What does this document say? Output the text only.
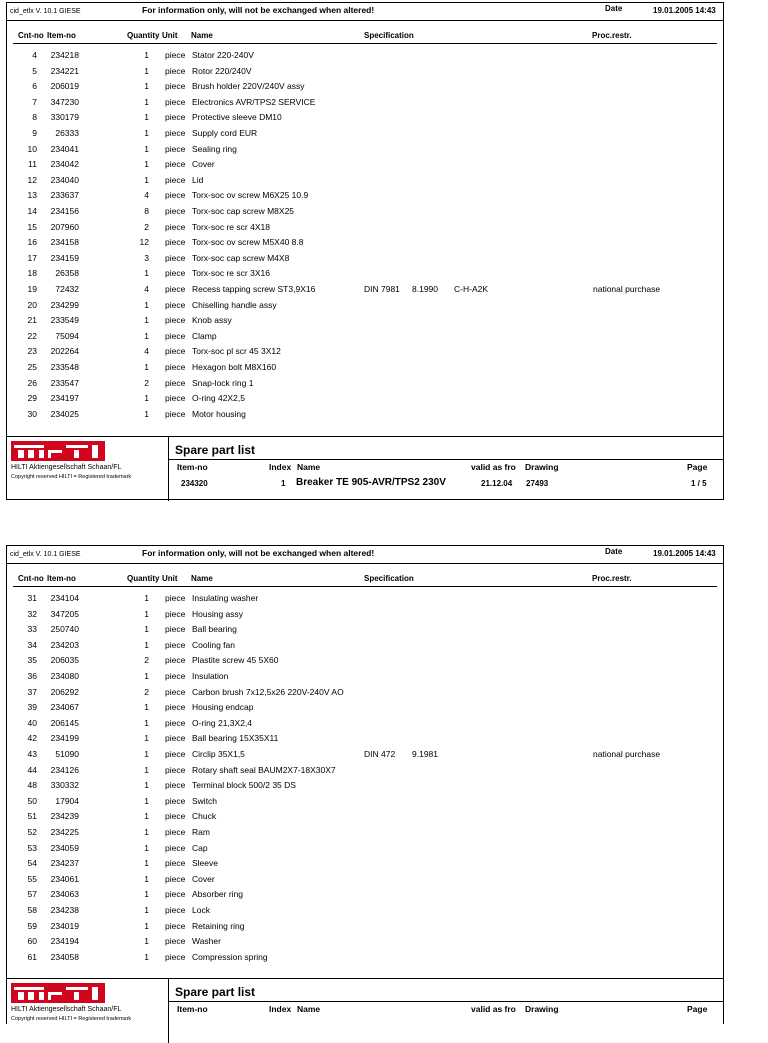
cid_etlx V. 10.1 GIESE	For information only, will not be exchanged when altered!	Date	19.01.2005 14:43
Cnt-no Item-no	Quantity Unit Name	Specification	Proc.restr.
4	234218	1 piece Stator 220-240V
5	234221	1 piece Rotor 220/240V
6	206019	1 piece Brush holder 220V/240V assy
7	347230	1 piece Electronics AVR/TPS2 SERVICE
8	330179	1 piece Protective sleeve DM10
9	26333	1 piece Supply cord EUR
10	234041	1 piece Sealing ring
11	234042	1 piece Cover
12	234040	1 piece Lid
13	233637	4 piece Torx-soc ov screw M6X25 10.9
14	234156	8 piece Torx-soc cap screw M8X25
15	207960	2 piece Torx-soc re scr 4X18
16	234158	12 piece Torx-soc ov screw M5X40 8.8
17	234159	3 piece Torx-soc cap screw M4X8
18	26358	1 piece Torx-soc re scr 3X16
19	72432	4 piece Recess tapping screw ST3,9X16	DIN 7981 8.1990 C-H-A2K	national purchase
20	234299	1 piece Chiselling handle assy
21	233549	1 piece Knob assy
22	75094	1 piece Clamp
23	202264	4 piece Torx-soc pl scr 45 3X12
25	233548	1 piece Hexagon bolt M8X160
26	233547	2 piece Snap-lock ring 1
29	234197	1 piece O-ring 42X2,5
30	234025	1 piece Motor housing
HILTI Aktiengesellschaft Schaan/FL
Copyright reserved HILTI = Registered trademark
Spare part list
Item-no	Index Name	valid as fro Drawing	Page
234320	1 Breaker TE 905-AVR/TPS2 230V	21.12.04 27493	1 / 5
cid_etlx V. 10.1 GIESE	For information only, will not be exchanged when altered!	Date	19.01.2005 14:43
Cnt-no Item-no	Quantity Unit Name	Specification	Proc.restr.
31	234104	1 piece Insulating washer
32	347205	1 piece Housing assy
33	250740	1 piece Ball bearing
34	234203	1 piece Cooling fan
35	206035	2 piece Plastite screw 45 5X60
36	234080	1 piece Insulation
37	206292	2 piece Carbon brush 7x12,5x26 220V-240V AO
39	234067	1 piece Housing endcap
40	206145	1 piece O-ring 21,3X2,4
42	234199	1 piece Ball bearing 15X35X11
43	51090	1 piece Circlip 35X1,5	DIN 472 9.1981	national purchase
44	234126	1 piece Rotary shaft seal BAUM2X7-18X30X7
48	330332	1 piece Terminal block 500/2 35 DS
50	17904	1 piece Switch
51	234239	1 piece Chuck
52	234225	1 piece Ram
53	234059	1 piece Cap
54	234237	1 piece Sleeve
55	234061	1 piece Cover
57	234063	1 piece Absorber ring
58	234238	1 piece Lock
59	234019	1 piece Retaining ring
60	234194	1 piece Washer
61	234058	1 piece Compression spring
HILTI Aktiengesellschaft Schaan/FL
Copyright reserved HILTI = Registered trademark
Spare part list
Item-no	Index Name	valid as fro Drawing	Page
